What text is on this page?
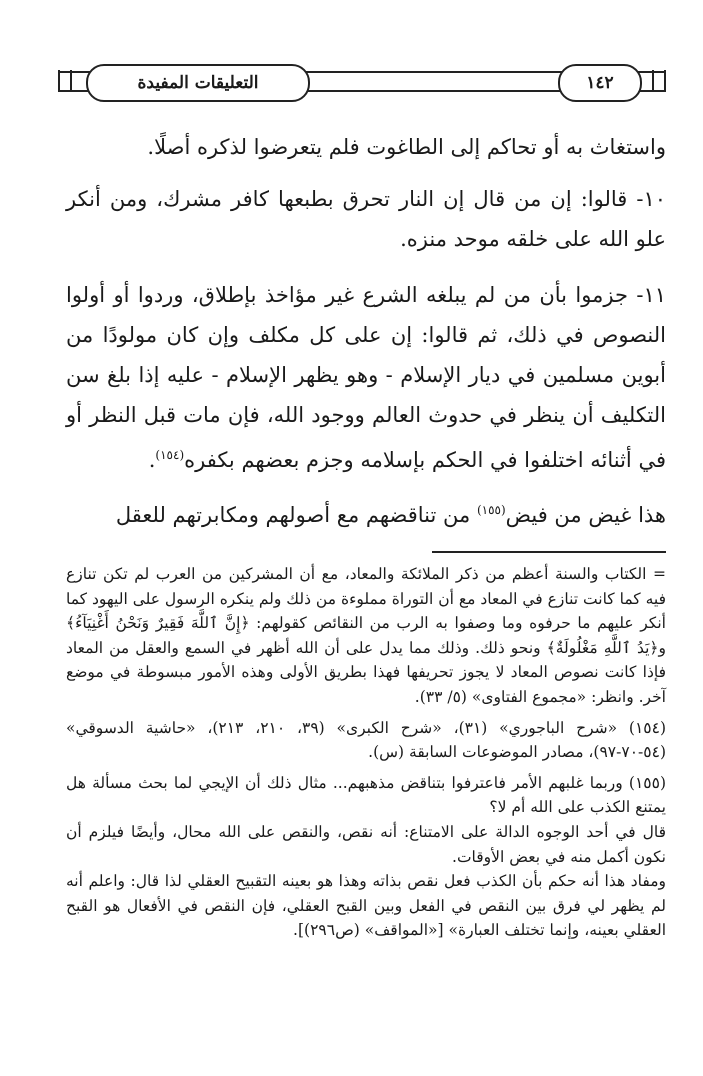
التعليقات المفيدة	١٤٢

واستغاث به أو تحاكم إلى الطاغوت فلم يتعرضوا لذكره أصلًا.

١٠- قالوا: إن من قال إن النار تحرق بطبعها كافر مشرك، ومن أنكر علو الله على خلقه موحد منزه.

١١- جزموا بأن من لم يبلغه الشرع غير مؤاخذ بإطلاق، وردوا أو أولوا النصوص في ذلك، ثم قالوا: إن على كل مكلف وإن كان مولودًا من أبوين مسلمين في ديار الإسلام - وهو يظهر الإسلام - عليه إذا بلغ سن التكليف أن ينظر في حدوث العالم ووجود الله، فإن مات قبل النظر أو في أثنائه اختلفوا في الحكم بإسلامه وجزم بعضهم بكفره$^{(١٥٤)}$.

هذا غيض من فيض$^{(١٥٥)}$ من تناقضهم مع أصولهم ومكابرتهم للعقل

= الكتاب والسنة أعظم من ذكر الملائكة والمعاد، مع أن المشركين من العرب لم تكن تنازع فيه كما كانت تنازع في المعاد مع أن التوراة مملوءة من ذلك ولم ينكره الرسول على اليهود كما أنكر عليهم ما حرفوه وما وصفوا به الرب من النقائص كقولهم: ﴿إِنَّ ٱللَّهَ فَقِيرٌ وَنَحْنُ أَغْنِيَآءُ﴾ و﴿يَدُ ٱللَّهِ مَغْلُولَةٌ﴾ ونحو ذلك. وذلك مما يدل على أن الله أظهر في السمع والعقل من المعاد فإذا كانت نصوص المعاد لا يجوز تحريفها فهذا بطريق الأولى وهذه الأمور مبسوطة في موضع آخر. وانظر: «مجموع الفتاوى» (٥/ ٣٣).

(١٥٤) «شرح الباجوري» (٣١)، «شرح الكبرى» (٣٩، ٢١٠، ٢١٣)، «حاشية الدسوقي» (٥٤-٧٠-٩٧)، مصادر الموضوعات السابقة (س).

(١٥٥) وربما غلبهم الأمر فاعترفوا بتناقض مذهبهم... مثال ذلك أن الإيجي لما بحث مسألة هل يمتنع الكذب على الله أم لا؟

قال في أحد الوجوه الدالة على الامتناع: أنه نقص، والنقص على الله محال، وأيضًا فيلزم أن نكون أكمل منه في بعض الأوقات.

ومفاد هذا أنه حكم بأن الكذب فعل نقص بذاته وهذا هو بعينه التقبيح العقلي لذا قال: واعلم أنه لم يظهر لي فرق بين النقص في الفعل وبين القبح العقلي، فإن النقص في الأفعال هو القبح العقلي بعينه، وإنما تختلف العبارة» [«المواقف» (ص٢٩٦)].
